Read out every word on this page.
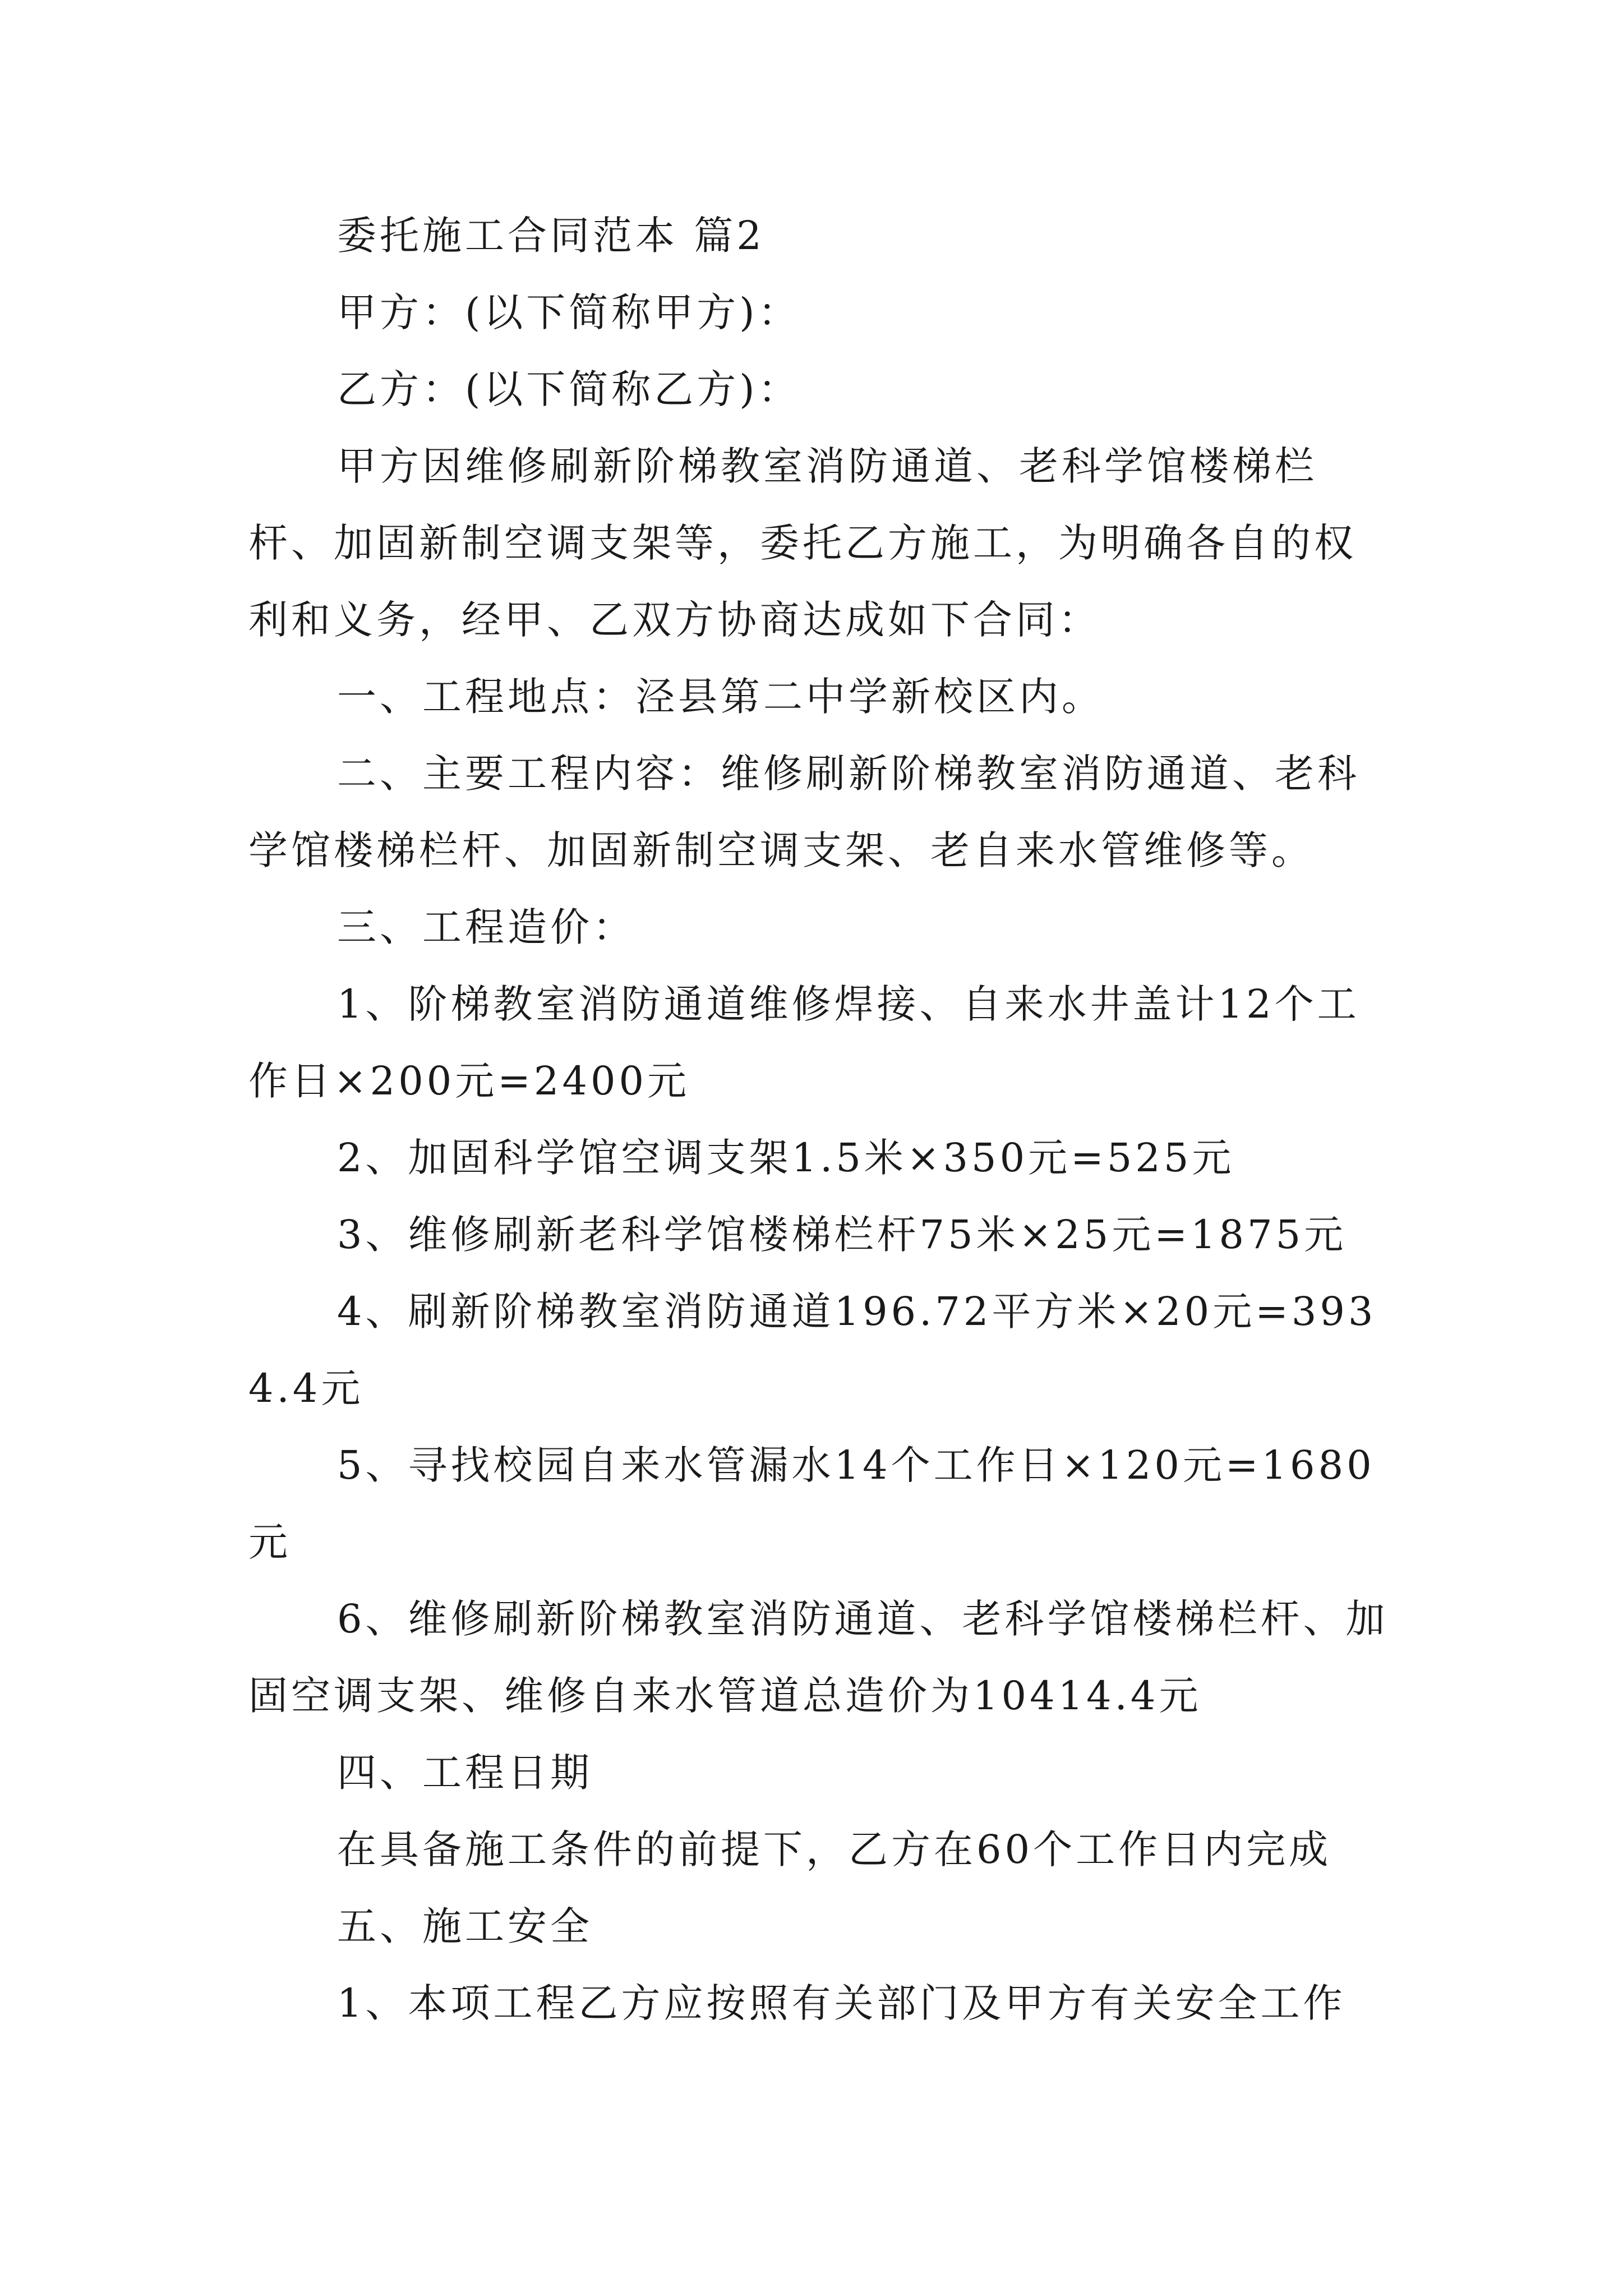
委托施工合同范本 篇2

甲方：(以下简称甲方)：

乙方：(以下简称乙方)：

甲方因维修刷新阶梯教室消防通道、老科学馆楼梯栏杆、加固新制空调支架等，委托乙方施工，为明确各自的权利和义务，经甲、乙双方协商达成如下合同：

一、工程地点：泾县第二中学新校区内。

二、主要工程内容：维修刷新阶梯教室消防通道、老科学馆楼梯栏杆、加固新制空调支架、老自来水管维修等。

三、工程造价：

1、阶梯教室消防通道维修焊接、自来水井盖计12个工作日×200元=2400元

2、加固科学馆空调支架1.5米×350元=525元

3、维修刷新老科学馆楼梯栏杆75米×25元=1875元

4、刷新阶梯教室消防通道196.72平方米×20元=3934.4元

5、寻找校园自来水管漏水14个工作日×120元=1680元

6、维修刷新阶梯教室消防通道、老科学馆楼梯栏杆、加固空调支架、维修自来水管道总造价为10414.4元

四、工程日期

在具备施工条件的前提下，乙方在60个工作日内完成

五、施工安全

1、本项工程乙方应按照有关部门及甲方有关安全工作
